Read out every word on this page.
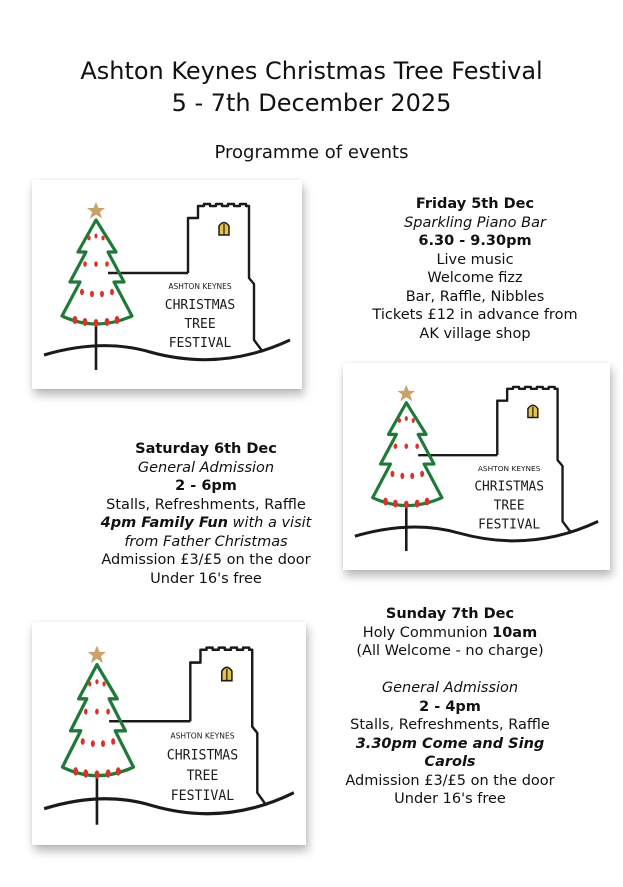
Ashton Keynes Christmas Tree Festival
5 - 7th December 2025
Programme of events
ASHTON KEYNES
CHRISTMAS
TREE
FESTIVAL
Friday 5th Dec
Sparkling Piano Bar
6.30 - 9.30pm
Live music
Welcome fizz
Bar, Raffle, Nibbles
Tickets £12 in advance from
AK village shop
ASHTON KEYNES
CHRISTMAS
TREE
FESTIVAL
Saturday 6th Dec
General Admission
2 - 6pm
Stalls, Refreshments, Raffle
4pm Family Fun with a visit
from Father Christmas
Admission £3/£5 on the door
Under 16's free
ASHTON KEYNES
CHRISTMAS
TREE
FESTIVAL
Sunday 7th Dec
Holy Communion 10am
(All Welcome - no charge)
General Admission
2 - 4pm
Stalls, Refreshments, Raffle
3.30pm Come and Sing
Carols
Admission £3/£5 on the door
Under 16's free
